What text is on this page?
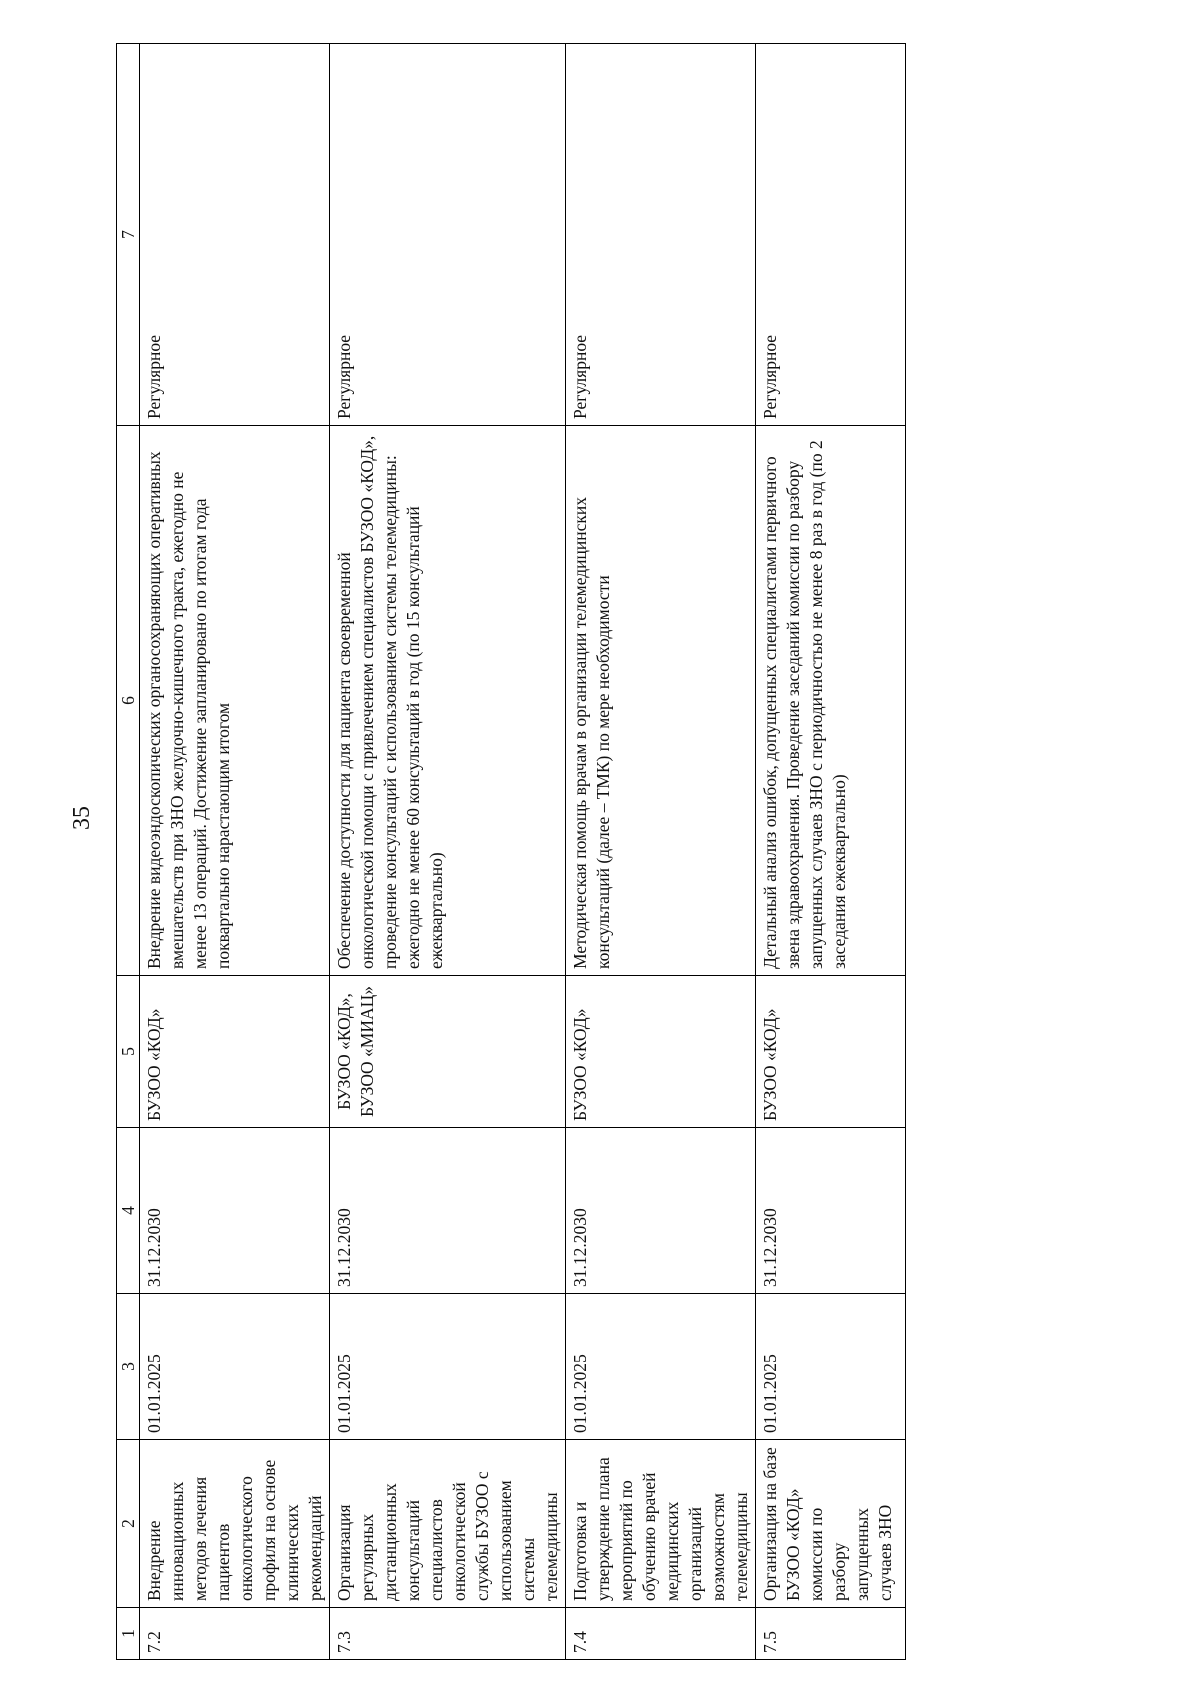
35
1	2	3	4	5	6	7
7.2	Внедрение инновационных методов лечения пациентов онкологического профиля на основе клинических рекомендаций	01.01.2025	31.12.2030	БУЗОО «КОД»	Внедрение видеоэндоскопических органосохраняющих оперативных вмешательств при ЗНО желудочно-кишечного тракта, ежегодно не менее 13 операций. Достижение запланировано по итогам года поквартально нарастающим итогом	Регулярное
7.3	Организация регулярных дистанционных консультаций специалистов онкологической службы БУЗОО с использованием системы телемедицины	01.01.2025	31.12.2030	БУЗОО «КОД», БУЗОО «МИАЦ»	Обеспечение доступности для пациента своевременной онкологической помощи с привлечением специалистов БУЗОО «КОД», проведение консультаций с использованием системы телемедицины: ежегодно не менее 60 консультаций в год (по 15 консультаций ежеквартально)	Регулярное
7.4	Подготовка и утверждение плана мероприятий по обучению врачей медицинских организаций возможностям телемедицины	01.01.2025	31.12.2030	БУЗОО «КОД»	Методическая помощь врачам в организации телемедицинских консультаций (далее – ТМК) по мере необходимости	Регулярное
7.5	Организация на базе БУЗОО «КОД» комиссии по разбору запущенных случаев ЗНО	01.01.2025	31.12.2030	БУЗОО «КОД»	Детальный анализ ошибок, допущенных специалистами первичного звена здравоохранения. Проведение заседаний комиссии по разбору запущенных случаев ЗНО с периодичностью не менее 8 раз в год (по 2 заседания ежеквартально)	Регулярное
